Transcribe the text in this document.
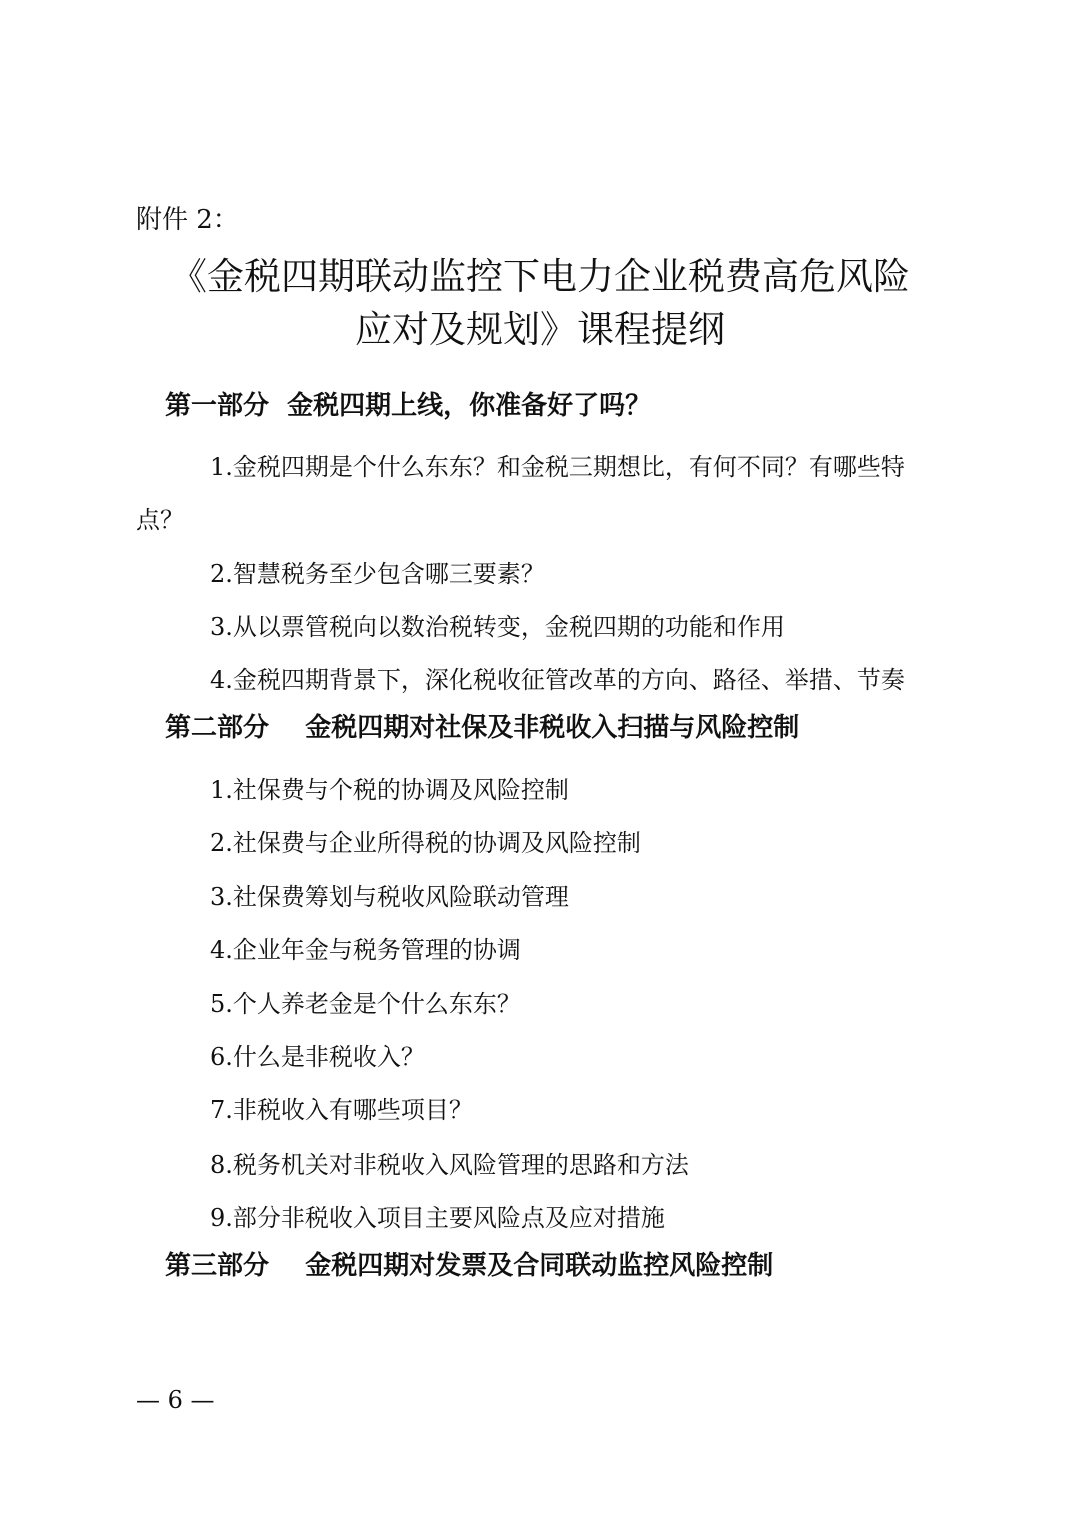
附件 2：
《金税四期联动监控下电力企业税费高危风险
应对及规划》课程提纲
第一部分  金税四期上线，你准备好了吗？
1.金税四期是个什么东东？和金税三期想比，有何不同？有哪些特
点？
2.智慧税务至少包含哪三要素？
3.从以票管税向以数治税转变，金税四期的功能和作用
4.金税四期背景下，深化税收征管改革的方向、路径、举措、节奏
第二部分    金税四期对社保及非税收入扫描与风险控制
1.社保费与个税的协调及风险控制
2.社保费与企业所得税的协调及风险控制
3.社保费筹划与税收风险联动管理
4.企业年金与税务管理的协调
5.个人养老金是个什么东东？
6.什么是非税收入？
7.非税收入有哪些项目？
8.税务机关对非税收入风险管理的思路和方法
9.部分非税收入项目主要风险点及应对措施
第三部分    金税四期对发票及合同联动监控风险控制
— 6 —
